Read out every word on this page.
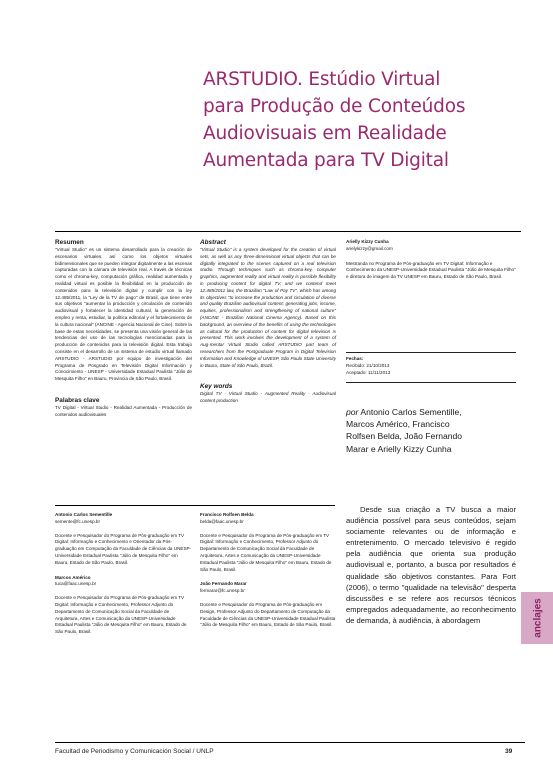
ARSTUDIO. Estúdio Virtual
para Produção de Conteúdos
Audiovisuais em Realidade
Aumentada para TV Digital

Resumen

"Virtual Studio" es un sistema desarrollado para la creación de escenarios virtuales, así como los objetos virtuales bidimensionales que se pueden integrar digitalmente a las escenas capturadas con la cámara de televisión real. A través de técnicas como el chroma-key, computación gráfica, realidad aumentada y realidad virtual es posible la flexibilidad en la producción de contenidos para la televisión digital y cumplir con la ley 12.485/2011, la "Ley de la TV de pago" de Brasil, que tiene entre sus objetivos "aumentar la producción y circulación de contenido audiovisual y fortalecer la identidad cultural, la generación de empleo y renta, estudiar, la política editorial y el fortalecimiento de la cultura nacional" (ANCINE - Agencia Nacional de Cine). Sobre la base de estas necesidades, se presenta una visión general de las tendencias del uso de las tecnologías mencionadas para la producción de contenidos para la televisión digital. Esta trabajo consiste en el desarrollo de un sistema de estudio virtual llamado ARSTUDIO - ARSTUDIO por equipo de investigación del Programa de Posgrado en Televisión Digital Información y Conocimiento - UNESP - Universidade Estadual Paulista "Júlio de Mesquita Filho" en Bauru, Provincia de São Paulo, Brasil.

Palabras clave

TV Digital - Virtual Studio - Realidad Aumentada - Producción de contenidos audiovisuales

Abstract

"Virtual Studio" is a system developed for the creation of virtual sets, as well as any three-dimensional virtual objects that can be digitally integrated to the scenes captured on a real television studio. Through techniques such as chroma-key, computer graphics, augmented reality and virtual reality is possible flexibility in producing content for digital TV, and we contend meet 12.485/2011 law, the Brazilian "Law of Pay TV", which has among its objectives "to increase the production and circulation of diverse and quality Brazilian audiovisual content; generating jobs, income, equities, professionalism and strengthening of national culture" (ANCINE - Brazilian National Cinema Agency). Based on this background, an overview of the benefits of using the technologies as cultural for the production of content for digital television is presented. This work involves the development of a system of Aug-mentar Virtual Studio called ARSTUDIO part team of researchers from the Postgraduate Program in Digital Television Information and Knowledge of UNESP, São Paulo State University in Bauru, State of São Paulo, Brazil.

Key words

Digital TV - Virtual Studio - Augmented Reality - Audiovisual content production

Arielly Kizzy Cunha

arielykizzy@gmail.com

Mestranda no Programa de Pós-graduação em TV Digital: Informação e Conhecimento da UNESP-Universidade Estadual Paulista "Júlio de Mesquita Filho" e diretora de imagem da TV UNESP em Bauru, Estado de São Paulo, Brasil.

Fechas:

Recibido: 21/10/2013

Aceptado: 11/11/2013

por Antonio Carlos Sementille,

Marcos Américo, Francisco

Rolfsen Belda, João Fernando

Marar e Arielly Kizzy Cunha

Antonio Carlos Sementille

semente@fc.unesp.br

Docente e Pesquisador do Programa de Pós-graduação em TV Digital: Informação e Conhecimento e Orientador da Pós-graduação em Computação da Faculdade de Ciências da UNESP-Universidade Estadual Paulista "Júlio de Mesquita Filho" em Bauru, Estado de São Paulo, Brasil.

Marcos Américo

tuca@faac.unesp.br

Docente e Pesquisador do Programa de Pós-graduação em TV Digital: Informação e Conhecimento, Professor Adjunto do Departamento de Comunicação Social da Faculdade de Arquitetura, Artes e Comunicação da UNESP-Universidade Estadual Paulista "Júlio de Mesquita Filho" em Bauru, Estado de São Paulo, Brasil.

Francisco Rolfsen Belda

belda@faac.unesp.br

Docente e Pesquisador do Programa de Pós-graduação em TV Digital: Informação e Conhecimento, Professor Adjunto do Departamento de Comunicação Social da Faculdade de Arquitetura, Artes e Comunicação da UNESP-Universidade Estadual Paulista "Júlio de Mesquita Filho" em Bauru, Estado de São Paulo, Brasil.

João Fernando Marar

fermarar@fc.unesp.br

Docente e Pesquisador do Programa de Pós-graduação em Design, Professor Adjunto do Departamento de Computação da Faculdade de Ciências da UNESP-Universidade Estadual Paulista "Júlio de Mesquita Filho" em Bauru, Estado de São Paulo, Brasil.

Desde sua criação a TV busca a maior audiência possível para seus conteúdos, sejam sociamente relevantes ou de informação e entretenimento. O mercado televisivo é regido pela audiência que orienta sua produção audiovisual e, portanto, a busca por resultados é qualidade são objetivos constantes. Para Fort (2006), o termo "qualidade na televisão" desperta discussões e se refere aos recursos técnicos empregados adequadamente, ao reconhecimento de demanda, à audiência, à abordagem	anclajes
Facultad de Periodismo y Comunicación Social / UNLP	39
